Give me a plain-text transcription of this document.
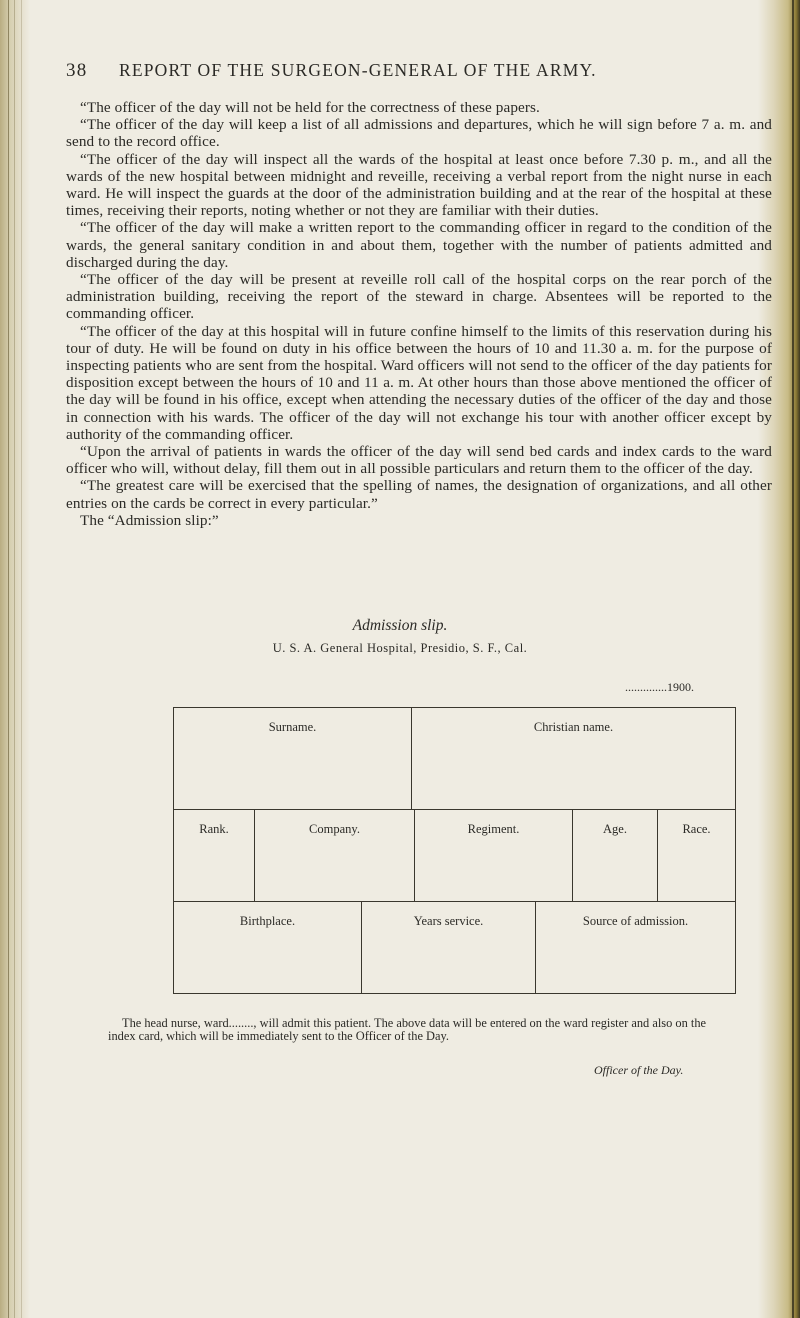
38 REPORT OF THE SURGEON-GENERAL OF THE ARMY.

“The officer of the day will not be held for the correctness of these papers.

“The officer of the day will keep a list of all admissions and departures, which he will sign before 7 a. m. and send to the record office.

“The officer of the day will inspect all the wards of the hospital at least once before 7.30 p. m., and all the wards of the new hospital between midnight and reveille, receiving a verbal report from the night nurse in each ward. He will inspect the guards at the door of the administration building and at the rear of the hospital at these times, receiving their reports, noting whether or not they are familiar with their duties.

“The officer of the day will make a written report to the commanding officer in regard to the condition of the wards, the general sanitary condition in and about them, together with the number of patients admitted and discharged during the day.

“The officer of the day will be present at reveille roll call of the hospital corps on the rear porch of the administration building, receiving the report of the steward in charge. Absentees will be reported to the commanding officer.

“The officer of the day at this hospital will in future confine himself to the limits of this reservation during his tour of duty. He will be found on duty in his office between the hours of 10 and 11.30 a. m. for the purpose of inspecting patients who are sent from the hospital. Ward officers will not send to the officer of the day patients for disposition except between the hours of 10 and 11 a. m. At other hours than those above mentioned the officer of the day will be found in his office, except when attending the necessary duties of the officer of the day and those in connection with his wards. The officer of the day will not exchange his tour with another officer except by authority of the commanding officer.

“Upon the arrival of patients in wards the officer of the day will send bed cards and index cards to the ward officer who will, without delay, fill them out in all possible particulars and return them to the officer of the day.

“The greatest care will be exercised that the spelling of names, the designation of organizations, and all other entries on the cards be correct in every particular.”

The “Admission slip:”

Admission slip.
U. S. A. General Hospital, Presidio, S. F., Cal.
..............1900.
Surname.	Christian name.
Rank.	Company.	Regiment.	Age.	Race.
Birthplace.	Years service.	Source of admission.
The head nurse, ward........, will admit this patient. The above data will be entered on the ward register and also on the index card, which will be immediately sent to the Officer of the Day.
Officer of the Day.
